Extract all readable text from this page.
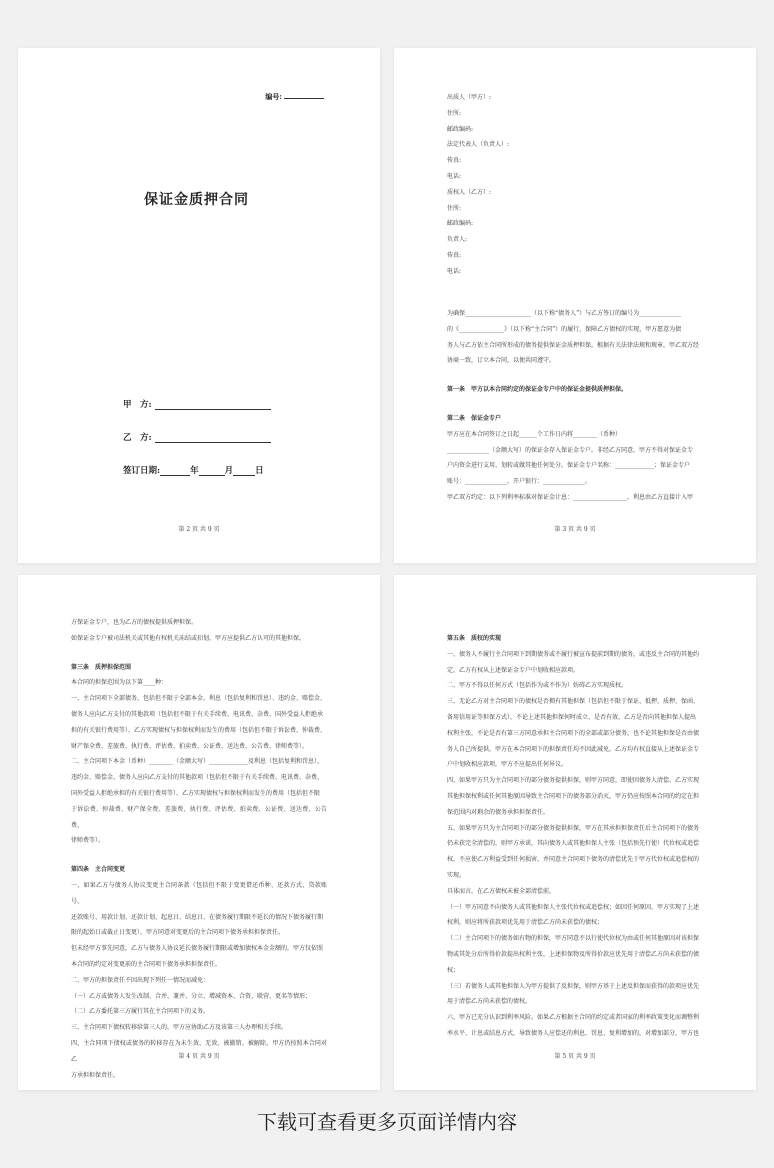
编号:
保证金质押合同
甲　方:
乙　方:
签订日期:	年	月	日
第 2 页 共 9 页

出质人（甲方）:

住所:

邮政编码:

法定代表人（负责人）:

传真:

电话:

质权人（乙方）:

住所:

邮政编码:

负责人:

传真:

电话:

为确保______________________（以下称“债务人”）与乙方签订的编号为______________

的《_______________》（以下称“主合同”）的履行，保障乙方债权的实现，甲方愿意为债

务人与乙方依主合同所形成的债务提供保证金质押担保。根据有关法律法规和规章，甲乙双方经

协商一致，订立本合同，以便共同遵守。

第一条　甲方以本合同约定的保证金专户中的保证金提供质押担保。

第二条　保证金专户

甲方应在本合同签订之日起______个工作日内将________（币种）

______________（金额大写）的保证金存入保证金专户。非经乙方同意，甲方不得对保证金专

户内资金进行支用、划转或做其他任何处分。保证金专户名称：_____________；保证金专户

账号：______________，开户银行：______________。

甲乙双方约定：以下列利率标准对保证金计息：__________________。利息由乙方直接计入甲

第 3 页 共 9 页

方保证金专户，也为乙方的债权提供质押担保。

如保证金专户被司法机关或其他有权机关冻结或扣划，甲方应提供乙方认可的其他担保。

第三条　质押担保范围

本合同的担保范围为以下第____种：

一、主合同项下全部债务，包括但不限于全部本金、利息（包括复利和罚息）、违约金、赔偿金、

债务人应向乙方支付的其他款项（包括但不限于有关手续费、电讯费、杂费、国外受益人拒绝承

担的有关银行费用等）、乙方实现债权与担保权利而发生的费用（包括但不限于诉讼费、仲裁费、

财产保全费、差旅费、执行费、评估费、拍卖费、公证费、送达费、公告费、律师费等）。

二、主合同项下本金（币种）________（金额大写）_____________及利息（包括复利和罚息）、

违约金、赔偿金、债务人应向乙方支付的其他款项（包括但不限于有关手续费、电讯费、杂费、

国外受益人拒绝承担的有关银行费用等）、乙方实现债权与担保权利而发生的费用（包括但不限

于诉讼费、仲裁费、财产保全费、差旅费、执行费、评估费、拍卖费、公证费、送达费、公告费、

律师费等）。

第四条　主合同变更

一、如果乙方与债务人协议变更主合同条款（包括但不限于变更借还币种、还款方式、贷款账号、

还款账号、用款计划、还款计划、起息日、结息日、在债务履行期限不延长的情况下债务履行期

限的起始日或截止日变更），甲方同意对变更后的主合同项下债务承担担保责任。

但未经甲方事先同意，乙方与债务人协议延长债务履行期限或增加债权本金金额的，甲方仅依照

本合同的约定对变更前的主合同项下债务承担担保责任。

二、甲方的担保责任不因出现下列任一情况而减免：

（一）乙方或债务人发生改制、合并、兼并、分立、增减资本、合资、联营、更名等情形；

（二）乙方委托第三方履行其在主合同项下的义务。

三、主合同项下债权转移给第三人的，甲方应协助乙方及该第三人办理相关手续。

四、主合同项下债权或债务的转移存在为未生效、无效、被撤销、被解除，甲方仍按照本合同对乙

方承担担保责任。

第 4 页 共 9 页

第五条　质权的实现

一、债务人不履行主合同项下到期债务或不履行被宣布提前到期的债务，或违反主合同的其他约

定，乙方有权从上述保证金专户中划收相应款项。

二、甲方不得以任何方式（包括作为或不作为）妨碍乙方实现质权。

三、无论乙方对主合同项下的债权是否拥有其他担保（包括但不限于保证、抵押、质押、保函、

备用信用证等担保方式），不论上述其他担保何时成立、是否有效、乙方是否向其他担保人提出

权利主张，不论是否有第三方同意承担主合同项下的全部或部分债务，也不论其他担保是否由债

务人自己所提供，甲方在本合同项下的担保责任均不因此减免，乙方均有权直接从上述保证金专

户中划收相应款项，甲方不应提出任何异议。

四、如果甲方只为主合同项下的部分债务提供担保，则甲方同意，即使因债务人清偿、乙方实现

其他担保权利或任何其他原因导致主合同项下的债务部分消灭，甲方仍应按照本合同的约定在担

保范围内对剩余的债务承担担保责任。

五、如果甲方只为主合同项下的部分债务提供担保，甲方在其承担担保责任后主合同项下的债务

仍未获完全清偿的，则甲方承诺，其向债务人或其他担保人主张（包括预先行使）代位权或追偿

权，不应使乙方利益受到任何损害，并同意主合同项下债务的清偿优先于甲方代位权或追偿权的

实现。

具体而言，在乙方债权未被全部清偿前，

（一）甲方同意不向债务人或其他担保人主张代位权或追偿权；如因任何原因，甲方实现了上述

权利，则应将所获款项优先用于清偿乙方尚未获偿的债权；

（二）主合同项下的债务如有物的担保，甲方同意不以行使代位权为由或任何其他原因对该担保

物或其处分后所得价款提出权利主张，上述担保物及所得价款应优先用于清偿乙方尚未获偿的债

权；

（三）若债务人或其他担保人为甲方提供了反担保，则甲方基于上述反担保而获得的款项应优先

用于清偿乙方尚未获偿的债权。

六、甲方已充分认识到利率风险。如果乙方根据主合同的约定或者国家的利率政策变化而调整利

率水平、计息或结息方式，导致债务人应偿还的利息、罚息、复利增加的，对增加部分，甲方也

第 5 页 共 9 页
下载可查看更多页面详情内容
